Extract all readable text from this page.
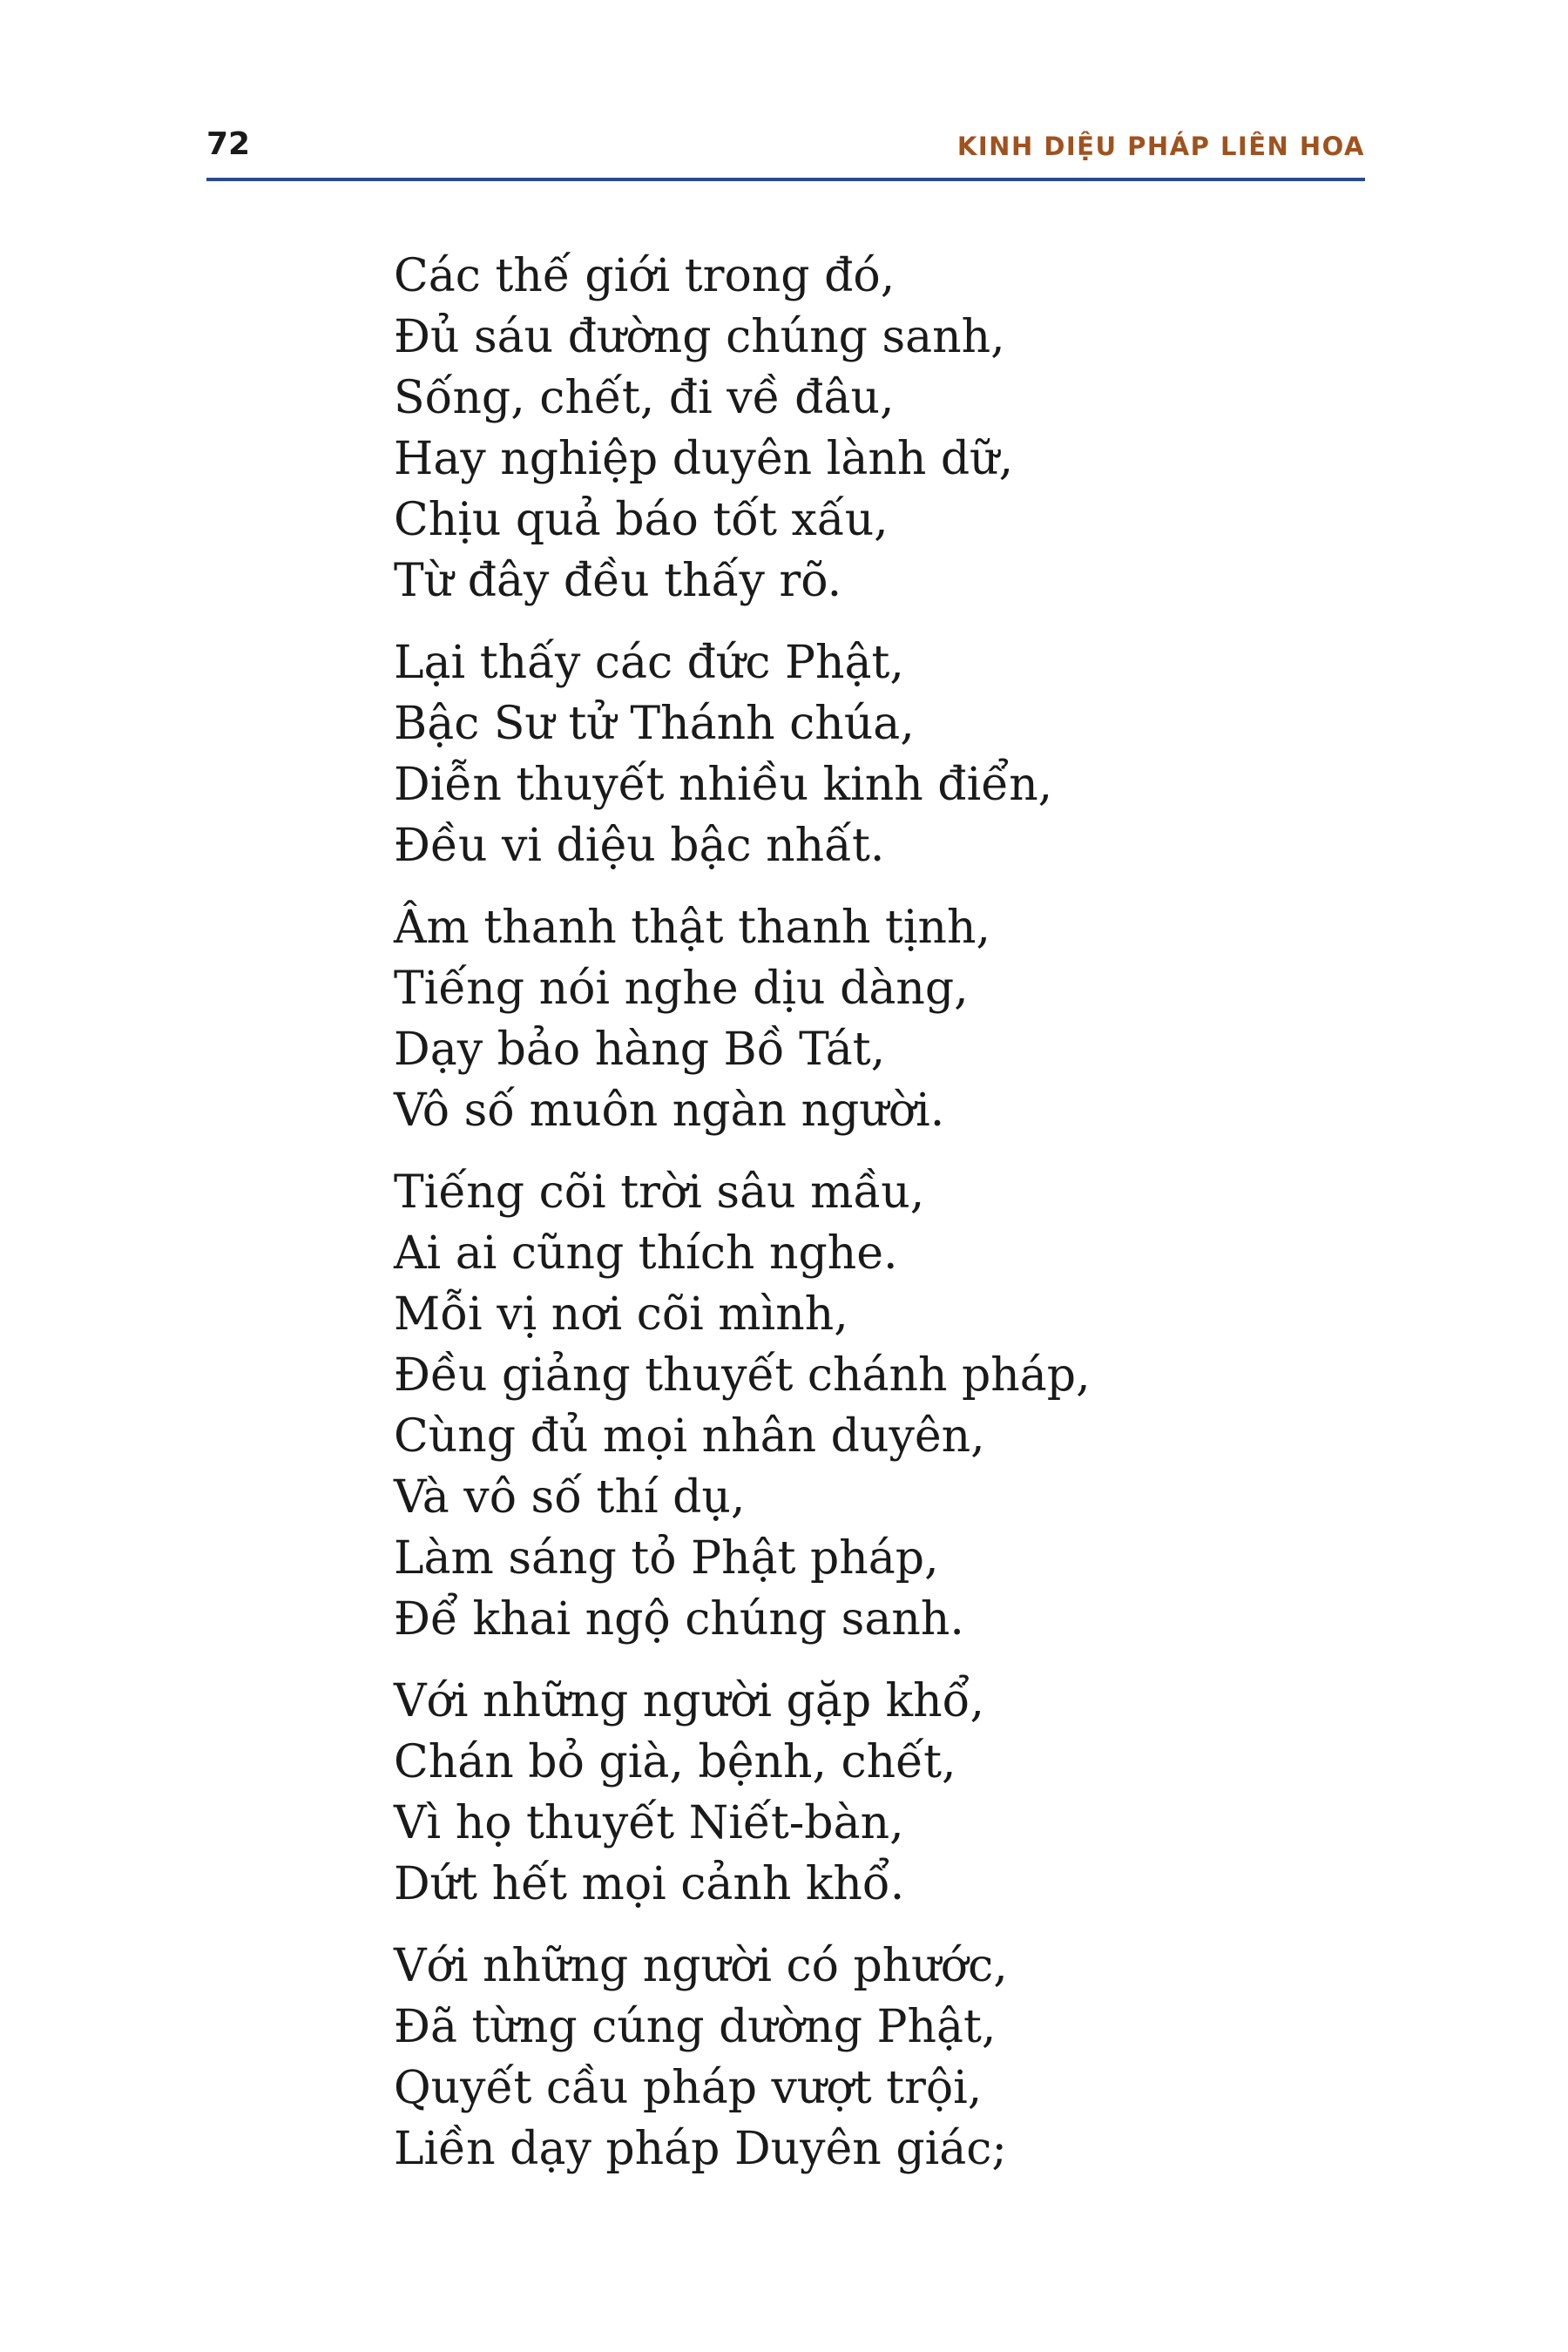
72	KINH DIỆU PHÁP LIÊN HOA
Các thế giới trong đó,
Đủ sáu đường chúng sanh,
Sống, chết, đi về đâu,
Hay nghiệp duyên lành dữ,
Chịu quả báo tốt xấu,
Từ đây đều thấy rõ.
Lại thấy các đức Phật,
Bậc Sư tử Thánh chúa,
Diễn thuyết nhiều kinh điển,
Đều vi diệu bậc nhất.
Âm thanh thật thanh tịnh,
Tiếng nói nghe dịu dàng,
Dạy bảo hàng Bồ Tát,
Vô số muôn ngàn người.
Tiếng cõi trời sâu mầu,
Ai ai cũng thích nghe.
Mỗi vị nơi cõi mình,
Đều giảng thuyết chánh pháp,
Cùng đủ mọi nhân duyên,
Và vô số thí dụ,
Làm sáng tỏ Phật pháp,
Để khai ngộ chúng sanh.
Với những người gặp khổ,
Chán bỏ già, bệnh, chết,
Vì họ thuyết Niết-bàn,
Dứt hết mọi cảnh khổ.
Với những người có phước,
Đã từng cúng dường Phật,
Quyết cầu pháp vượt trội,
Liền dạy pháp Duyên giác;
